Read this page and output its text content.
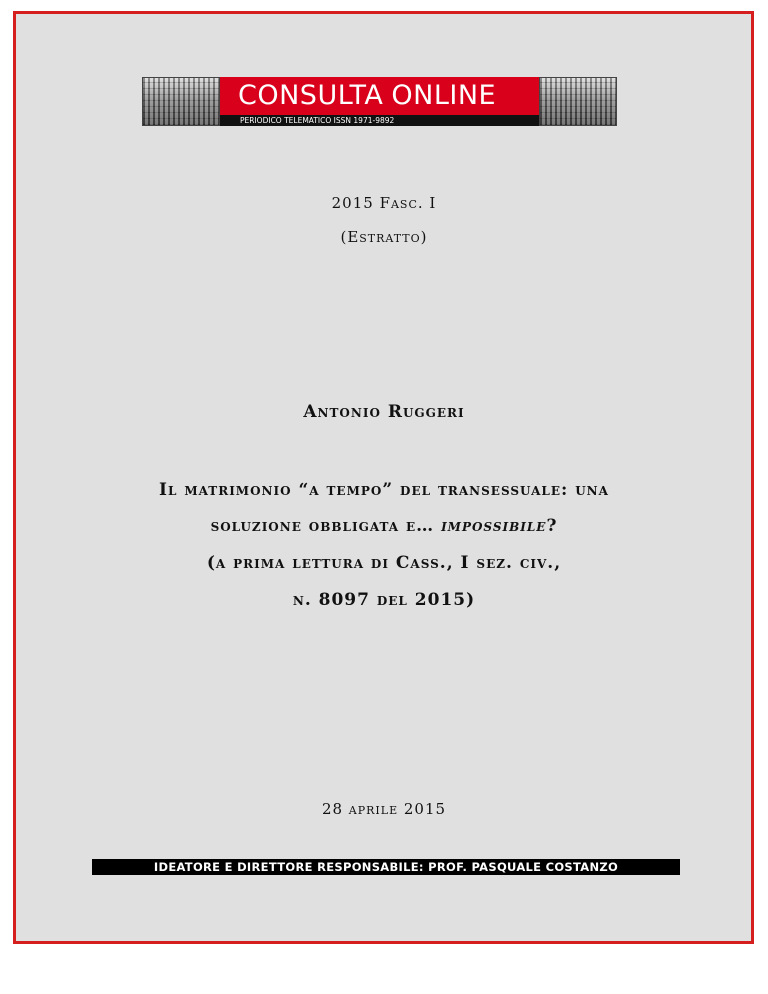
CONSULTA ONLINE
PERIODICO TELEMATICO ISSN 1971-9892
2015 Fasc. I
(Estratto)
Antonio Ruggeri
Il matrimonio “a tempo” del transessuale: una
soluzione obbligata e… impossibile?
(a prima lettura di Cass., I sez. civ.,
n. 8097 del 2015)
28 aprile 2015
IDEATORE E DIRETTORE RESPONSABILE: PROF. PASQUALE COSTANZO
